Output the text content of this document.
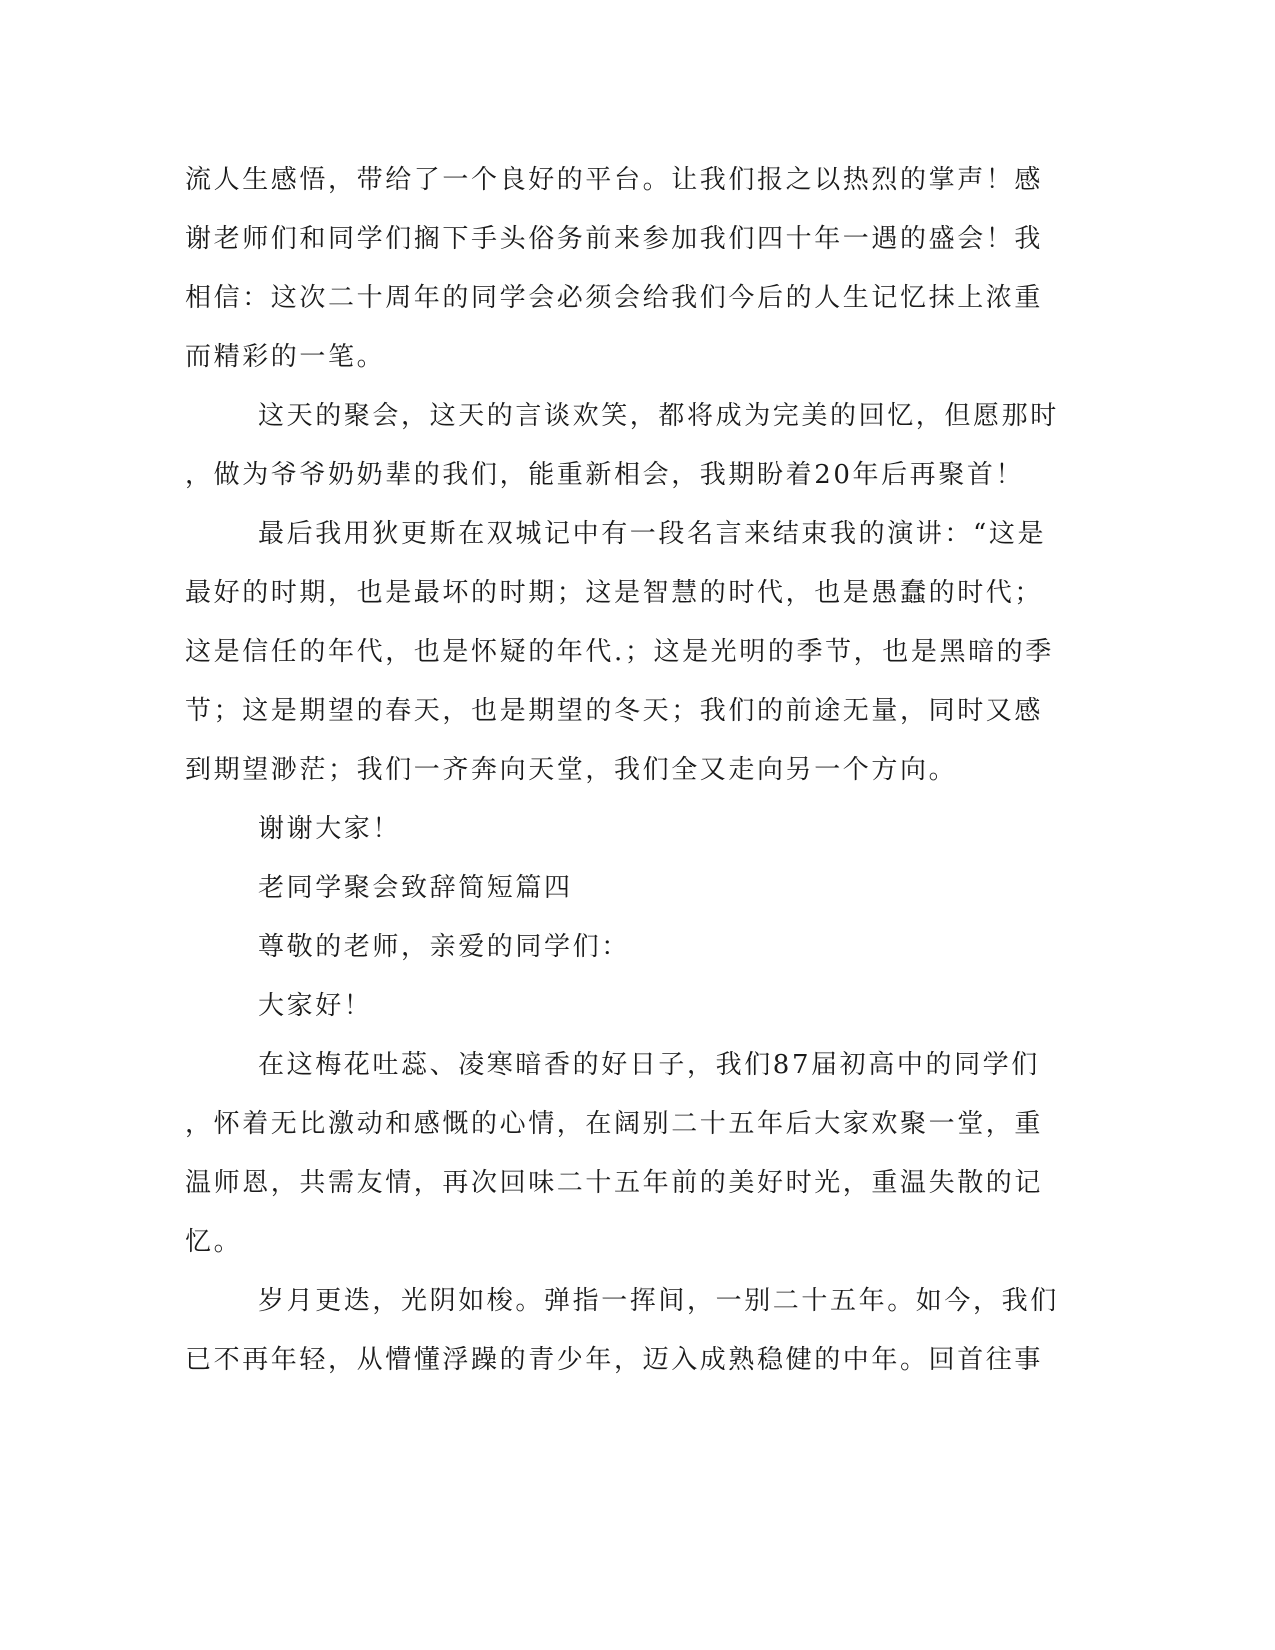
流人生感悟，带给了一个良好的平台。让我们报之以热烈的掌声！感
谢老师们和同学们搁下手头俗务前来参加我们四十年一遇的盛会！我
相信：这次二十周年的同学会必须会给我们今后的人生记忆抹上浓重
而精彩的一笔。
这天的聚会，这天的言谈欢笑，都将成为完美的回忆，但愿那时
，做为爷爷奶奶辈的我们，能重新相会，我期盼着20年后再聚首！
最后我用狄更斯在双城记中有一段名言来结束我的演讲：“这是
最好的时期，也是最坏的时期；这是智慧的时代，也是愚蠢的时代；
这是信任的年代，也是怀疑的年代.；这是光明的季节，也是黑暗的季
节；这是期望的春天，也是期望的冬天；我们的前途无量，同时又感
到期望渺茫；我们一齐奔向天堂，我们全又走向另一个方向。
谢谢大家！
老同学聚会致辞简短篇四
尊敬的老师，亲爱的同学们：
大家好！
在这梅花吐蕊、凌寒暗香的好日子，我们87届初高中的同学们
，怀着无比激动和感慨的心情，在阔别二十五年后大家欢聚一堂，重
温师恩，共需友情，再次回味二十五年前的美好时光，重温失散的记
忆。
岁月更迭，光阴如梭。弹指一挥间，一别二十五年。如今，我们
已不再年轻，从懵懂浮躁的青少年，迈入成熟稳健的中年。回首往事
